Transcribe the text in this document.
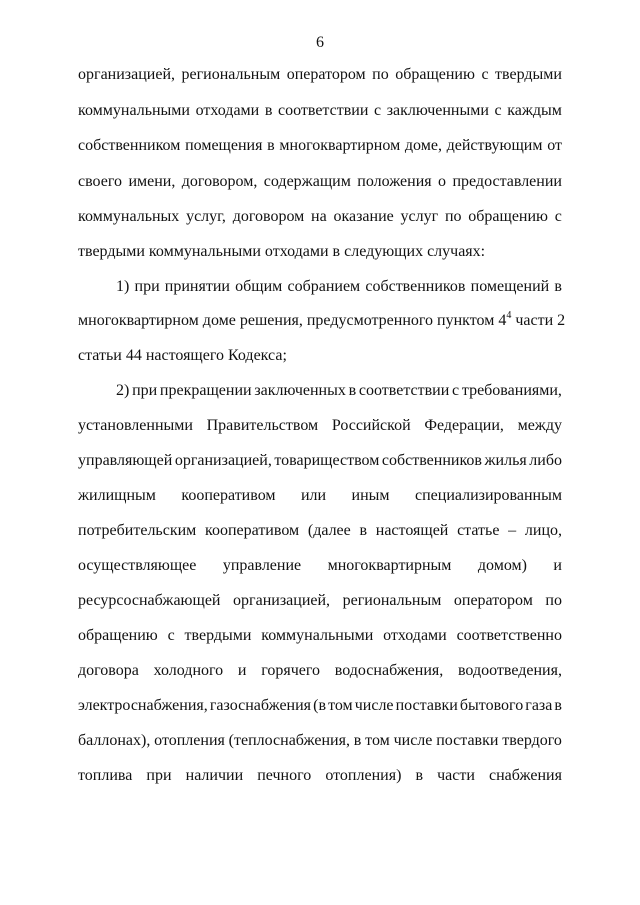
6
организацией, региональным оператором по обращению с твердыми
коммунальными отходами в соответствии с заключенными с каждым
собственником помещения в многоквартирном доме, действующим от
своего имени, договором, содержащим положения о предоставлении
коммунальных услуг, договором на оказание услуг по обращению с
твердыми коммунальными отходами в следующих случаях:
1) при принятии общим собранием собственников помещений в
многоквартирном доме решения, предусмотренного пунктом $4^4$ части 2
статьи 44 настоящего Кодекса;
2) при прекращении заключенных в соответствии с требованиями,
установленными Правительством Российской Федерации, между
управляющей организацией, товариществом собственников жилья либо
жилищным кооперативом или иным специализированным
потребительским кооперативом (далее в настоящей статье – лицо,
осуществляющее управление многоквартирным домом) и
ресурсоснабжающей организацией, региональным оператором по
обращению с твердыми коммунальными отходами соответственно
договора холодного и горячего водоснабжения, водоотведения,
электроснабжения, газоснабжения (в том числе поставки бытового газа в
баллонах), отопления (теплоснабжения, в том числе поставки твердого
топлива при наличии печного отопления) в части снабжения
